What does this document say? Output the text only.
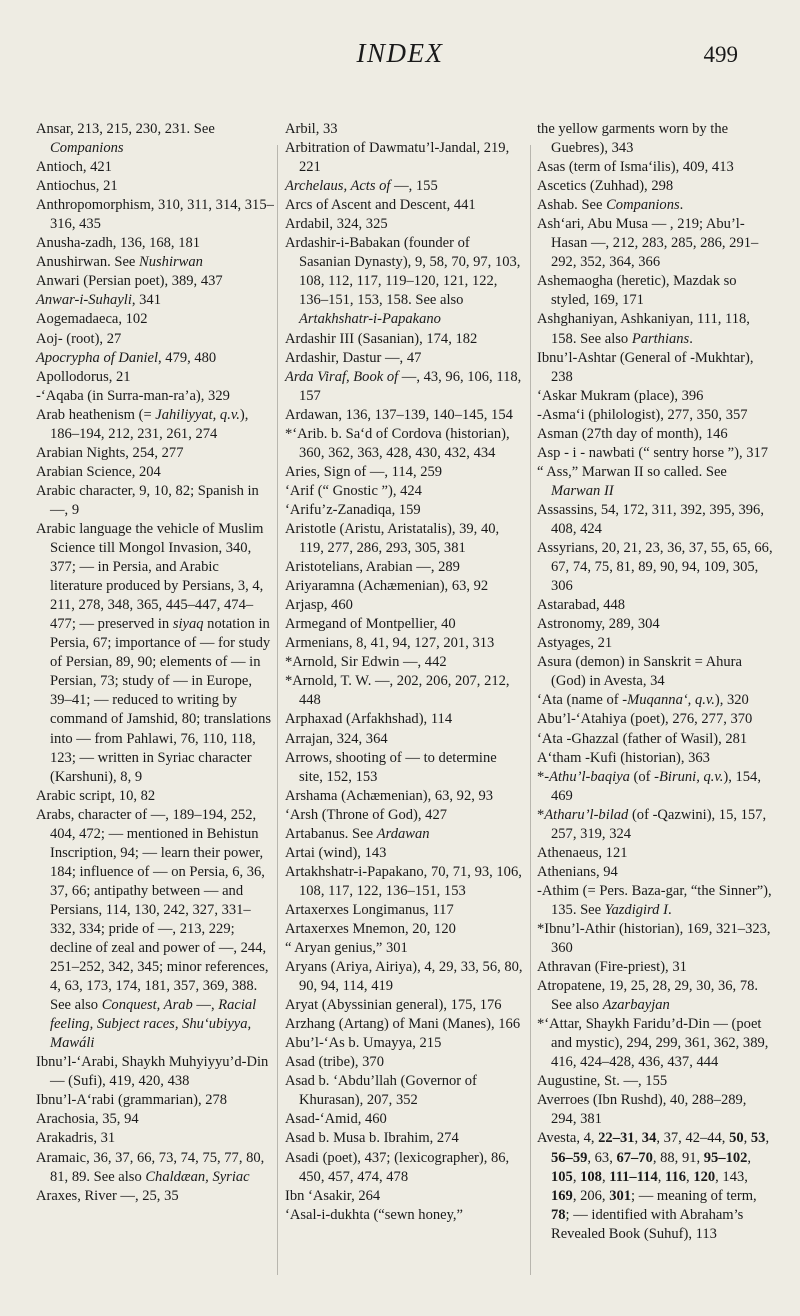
INDEX	499
Ansar, 213, 215, 230, 231. See Companions
Antioch, 421
Antiochus, 21
Anthropomorphism, 310, 311, 314, 315–316, 435
Anusha-zadh, 136, 168, 181
Anushirwan. See Nushirwan
Anwari (Persian poet), 389, 437
Anwar-i-Suhayli, 341
Aogemadaeca, 102
Aoj- (root), 27
Apocrypha of Daniel, 479, 480
Apollodorus, 21
-‘Aqaba (in Surra-man-ra’a), 329
Arab heathenism (= Jahiliyyat, q.v.), 186–194, 212, 231, 261, 274
Arabian Nights, 254, 277
Arabian Science, 204
Arabic character, 9, 10, 82; Spanish in —, 9
Arabic language the vehicle of Muslim Science till Mongol Invasion, 340, 377; — in Persia, and Arabic literature produced by Persians, 3, 4, 211, 278, 348, 365, 445–447, 474–477; — preserved in siyaq notation in Persia, 67; importance of — for study of Persian, 89, 90; elements of — in Persian, 73; study of — in Europe, 39–41; — reduced to writing by command of Jamshid, 80; translations into — from Pahlawi, 76, 110, 118, 123; — written in Syriac character (Karshuni), 8, 9
Arabic script, 10, 82
Arabs, character of —, 189–194, 252, 404, 472; — mentioned in Behistun Inscription, 94; — learn their power, 184; influence of — on Persia, 6, 36, 37, 66; antipathy between — and Persians, 114, 130, 242, 327, 331–332, 334; pride of —, 213, 229; decline of zeal and power of —, 244, 251–252, 342, 345; minor references, 4, 63, 173, 174, 181, 357, 369, 388. See also Conquest, Arab —, Racial feeling, Subject races, Shu‘ubiyya, Mawáli
Ibnu’l-‘Arabi, Shaykh Muhyiyyu’d-Din — (Sufi), 419, 420, 438
Ibnu’l-A‘rabi (grammarian), 278
Arachosia, 35, 94
Arakadris, 31
Aramaic, 36, 37, 66, 73, 74, 75, 77, 80, 81, 89. See also Chaldæan, Syriac
Araxes, River —, 25, 35
Arbil, 33
Arbitration of Dawmatu’l-Jandal, 219, 221
Archelaus, Acts of —, 155
Arcs of Ascent and Descent, 441
Ardabil, 324, 325
Ardashir-i-Babakan (founder of Sasanian Dynasty), 9, 58, 70, 97, 103, 108, 112, 117, 119–120, 121, 122, 136–151, 153, 158. See also Artakhshatr-i-Papakano
Ardashir III (Sasanian), 174, 182
Ardashir, Dastur —, 47
Arda Viraf, Book of —, 43, 96, 106, 118, 157
Ardawan, 136, 137–139, 140–145, 154
*‘Arib. b. Sa‘d of Cordova (historian), 360, 362, 363, 428, 430, 432, 434
Aries, Sign of —, 114, 259
‘Arif (“ Gnostic ”), 424
‘Arifu’z-Zanadiqa, 159
Aristotle (Aristu, Aristatalis), 39, 40, 119, 277, 286, 293, 305, 381
Aristotelians, Arabian —, 289
Ariyaramna (Achæmenian), 63, 92
Arjasp, 460
Armegand of Montpellier, 40
Armenians, 8, 41, 94, 127, 201, 313
*Arnold, Sir Edwin —, 442
*Arnold, T. W. —, 202, 206, 207, 212, 448
Arphaxad (Arfakhshad), 114
Arrajan, 324, 364
Arrows, shooting of — to determine site, 152, 153
Arshama (Achæmenian), 63, 92, 93
‘Arsh (Throne of God), 427
Artabanus. See Ardawan
Artai (wind), 143
Artakhshatr-i-Papakano, 70, 71, 93, 106, 108, 117, 122, 136–151, 153
Artaxerxes Longimanus, 117
Artaxerxes Mnemon, 20, 120
“ Aryan genius,” 301
Aryans (Ariya, Airiya), 4, 29, 33, 56, 80, 90, 94, 114, 419
Aryat (Abyssinian general), 175, 176
Arzhang (Artang) of Mani (Manes), 166
Abu’l-‘As b. Umayya, 215
Asad (tribe), 370
Asad b. ‘Abdu’llah (Governor of Khurasan), 207, 352
Asad-‘Amid, 460
Asad b. Musa b. Ibrahim, 274
Asadi (poet), 437; (lexicographer), 86, 450, 457, 474, 478
Ibn ‘Asakir, 264
‘Asal-i-dukhta (“sewn honey,”
the yellow garments worn by the Guebres), 343
Asas (term of Isma‘ilis), 409, 413
Ascetics (Zuhhad), 298
Ashab. See Companions.
Ash‘ari, Abu Musa — , 219; Abu’l-Hasan —, 212, 283, 285, 286, 291–292, 352, 364, 366
Ashemaogha (heretic), Mazdak so styled, 169, 171
Ashghaniyan, Ashkaniyan, 111, 118, 158. See also Parthians.
Ibnu’l-Ashtar (General of -Mukhtar), 238
‘Askar Mukram (place), 396
-Asma‘i (philologist), 277, 350, 357
Asman (27th day of month), 146
Asp - i - nawbati (“ sentry horse ”), 317
“ Ass,” Marwan II so called. See Marwan II
Assassins, 54, 172, 311, 392, 395, 396, 408, 424
Assyrians, 20, 21, 23, 36, 37, 55, 65, 66, 67, 74, 75, 81, 89, 90, 94, 109, 305, 306
Astarabad, 448
Astronomy, 289, 304
Astyages, 21
Asura (demon) in Sanskrit = Ahura (God) in Avesta, 34
‘Ata (name of -Muqanna‘, q.v.), 320
Abu’l-‘Atahiya (poet), 276, 277, 370
‘Ata -Ghazzal (father of Wasil), 281
A‘tham -Kufi (historian), 363
*-Athu’l-baqiya (of -Biruni, q.v.), 154, 469
*Atharu’l-bilad (of -Qazwini), 15, 157, 257, 319, 324
Athenaeus, 121
Athenians, 94
-Athim (= Pers. Baza-gar, “the Sinner”), 135. See Yazdigird I.
*Ibnu’l-Athir (historian), 169, 321–323, 360
Athravan (Fire-priest), 31
Atropatene, 19, 25, 28, 29, 30, 36, 78. See also Azarbayjan
*‘Attar, Shaykh Faridu’d-Din — (poet and mystic), 294, 299, 361, 362, 389, 416, 424–428, 436, 437, 444
Augustine, St. —, 155
Averroes (Ibn Rushd), 40, 288–289, 294, 381
Avesta, 4, 22–31, 34, 37, 42–44, 50, 53, 56–59, 63, 67–70, 88, 91, 95–102, 105, 108, 111–114, 116, 120, 143, 169, 206, 301; — meaning of term, 78; — identified with Abraham’s Revealed Book (Suhuf), 113
